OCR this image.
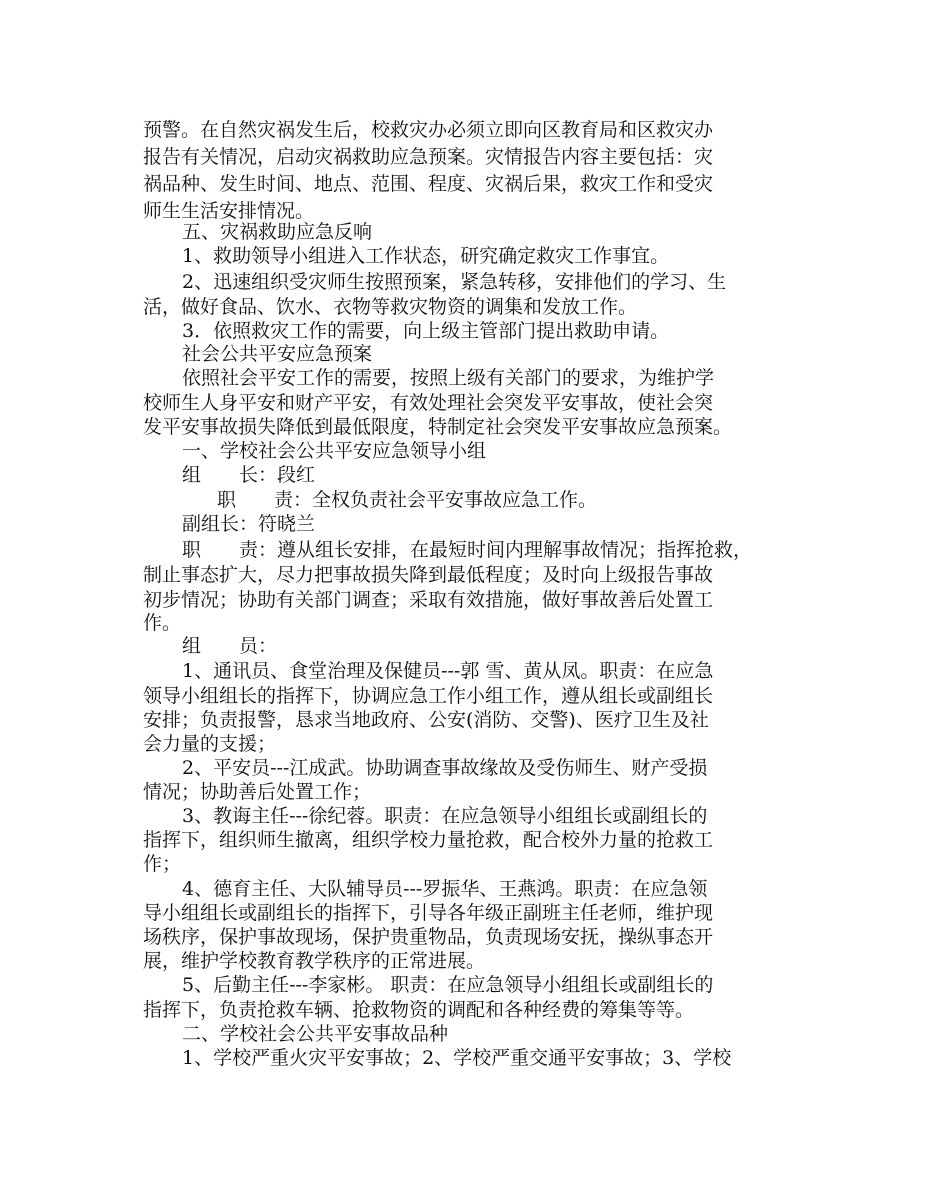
预警。在自然灾祸发生后，校救灾办必须立即向区教育局和区救灾办
报告有关情况，启动灾祸救助应急预案。灾情报告内容主要包括：灾
祸品种、发生时间、地点、范围、程度、灾祸后果，救灾工作和受灾
师生生活安排情况。
五、灾祸救助应急反响
1、救助领导小组进入工作状态，研究确定救灾工作事宜。
2、迅速组织受灾师生按照预案，紧急转移，安排他们的学习、生
活，做好食品、饮水、衣物等救灾物资的调集和发放工作。
3．依照救灾工作的需要，向上级主管部门提出救助申请。
社会公共平安应急预案
依照社会平安工作的需要，按照上级有关部门的要求，为维护学
校师生人身平安和财产平安，有效处理社会突发平安事故，使社会突
发平安事故损失降低到最低限度，特制定社会突发平安事故应急预案。
一、学校社会公共平安应急领导小组
组　　长：段红
职　　责：全权负责社会平安事故应急工作。
副组长：符晓兰
职　　责：遵从组长安排，在最短时间内理解事故情况；指挥抢救，
制止事态扩大，尽力把事故损失降到最低程度；及时向上级报告事故
初步情况；协助有关部门调查；采取有效措施，做好事故善后处置工
作。
组　　员：
1、通讯员、食堂治理及保健员---郭 雪、黄从凤。职责：在应急
领导小组组长的指挥下，协调应急工作小组工作，遵从组长或副组长
安排；负责报警，恳求当地政府、公安(消防、交警)、医疗卫生及社
会力量的支援；
2、平安员---江成武。协助调查事故缘故及受伤师生、财产受损
情况；协助善后处置工作；
3、教诲主任---徐纪蓉。职责：在应急领导小组组长或副组长的
指挥下，组织师生撤离，组织学校力量抢救，配合校外力量的抢救工
作；
4、德育主任、大队辅导员---罗振华、王燕鸿。职责：在应急领
导小组组长或副组长的指挥下，引导各年级正副班主任老师，维护现
场秩序，保护事故现场，保护贵重物品，负责现场安抚，操纵事态开
展，维护学校教育教学秩序的正常进展。
5、后勤主任---李家彬。 职责：在应急领导小组组长或副组长的
指挥下，负责抢救车辆、抢救物资的调配和各种经费的筹集等等。
二、学校社会公共平安事故品种
1、学校严重火灾平安事故；2、学校严重交通平安事故；3、学校
